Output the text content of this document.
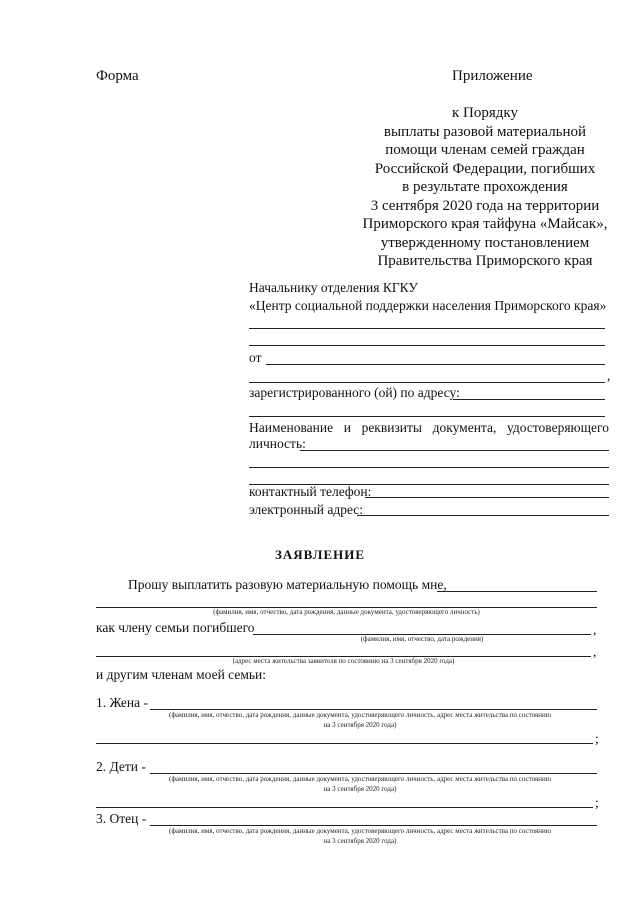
Форма	Приложение
к Порядку
выплаты разовой материальной
помощи членам семей граждан
Российской Федерации, погибших
в результате прохождения
3 сентября 2020 года на территории
Приморского края тайфуна «Майсак»,
утвержденному постановлением
Правительства Приморского края
Начальнику отделения КГКУ
«Центр социальной поддержки населения Приморского края»
от
,
зарегистрированного (ой) по адресу:
Наименование и реквизиты документа, удостоверяющего
личность:
контактный телефон:
электронный адрес:
ЗАЯВЛЕНИЕ
Прошу выплатить разовую материальную помощь мне,
(фамилия, имя, отчество, дата рождения, данные документа, удостоверяющего личность)
как члену семьи погибшего	,
(фамилия, имя, отчество, дата рождения)
,
(адрес места жительства заявителя по состоянию на 3 сентября 2020 года)
и другим членам моей семьи:
1. Жена -
(фамилия, имя, отчество, дата рождения, данные документа, удостоверяющего личность, адрес места жительства по состоянию
на 3 сентября 2020 года)
;
2. Дети -
(фамилия, имя, отчество, дата рождения, данные документа, удостоверяющего личность, адрес места жительства по состоянию
на 3 сентября 2020 года)
;
3. Отец -
(фамилия, имя, отчество, дата рождения, данные документа, удостоверяющего личность, адрес места жительства по состоянию
на 3 сентября 2020 года)
